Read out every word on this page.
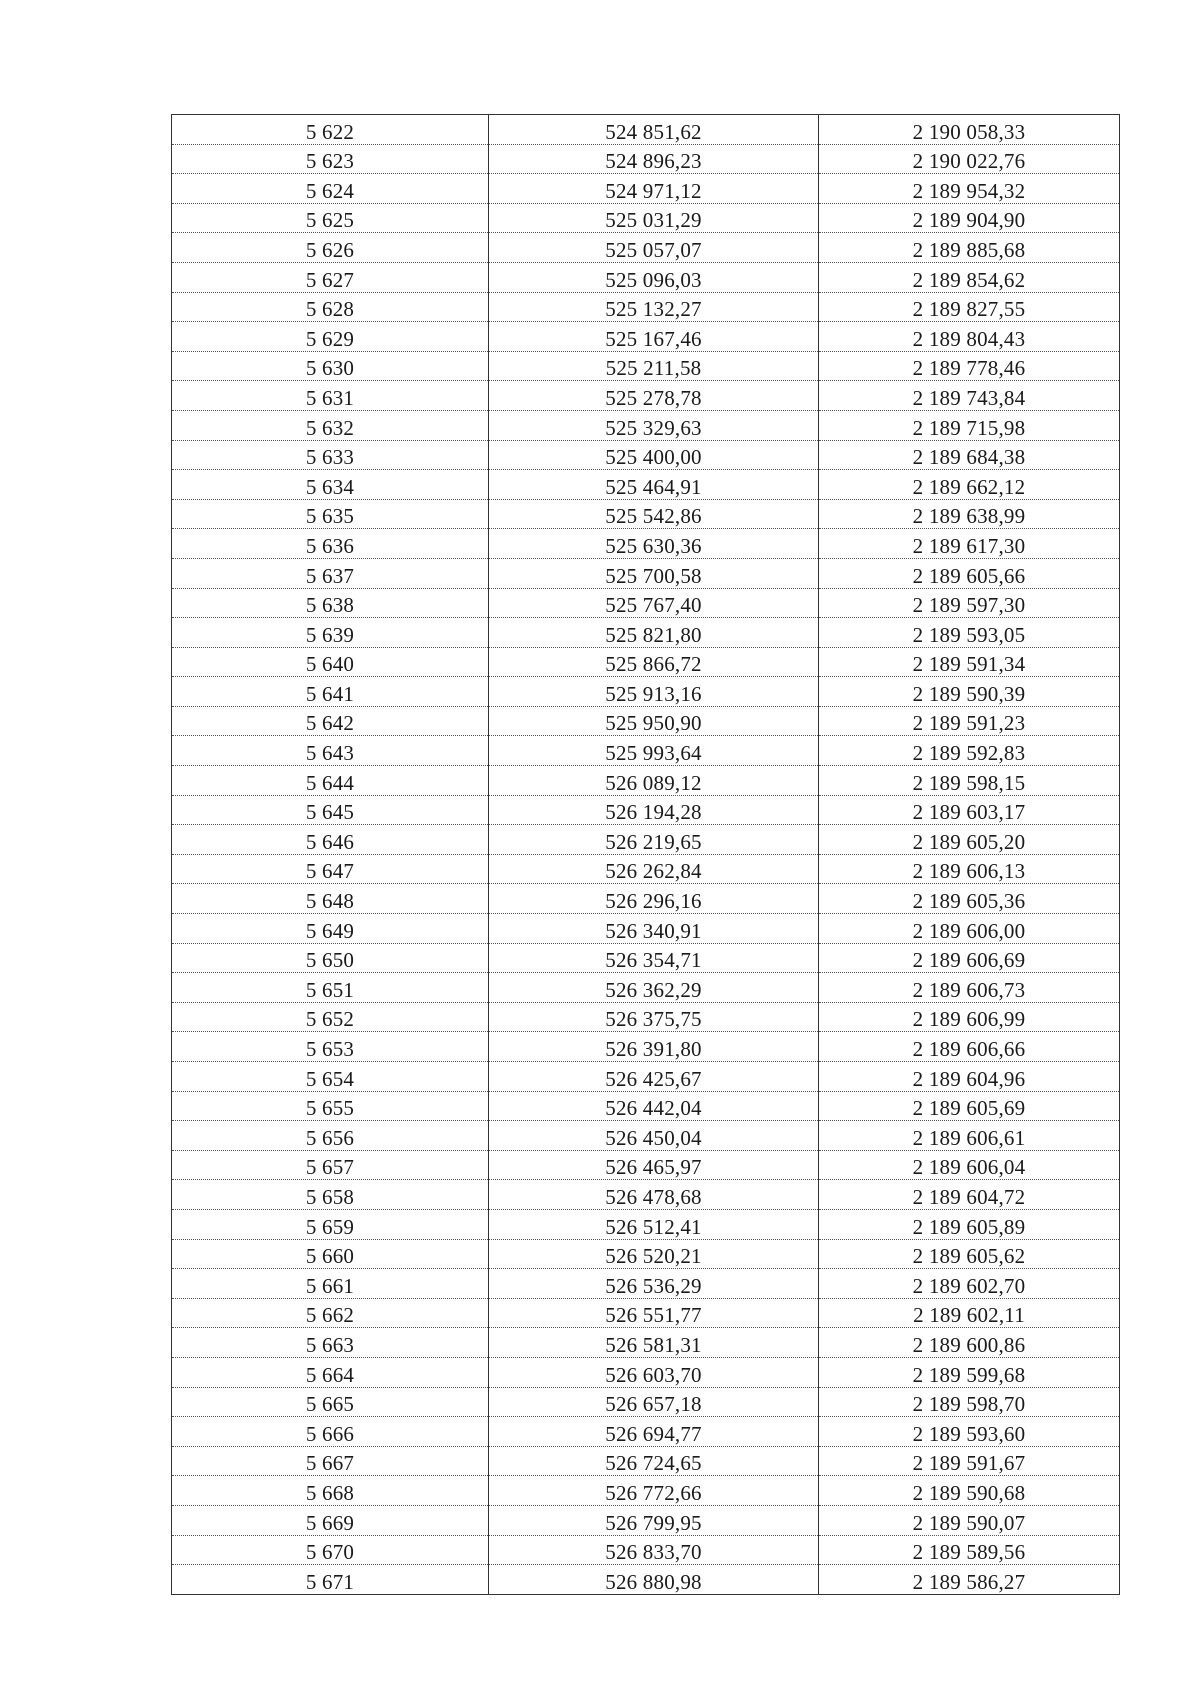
5 622	524 851,62	2 190 058,33
5 623	524 896,23	2 190 022,76
5 624	524 971,12	2 189 954,32
5 625	525 031,29	2 189 904,90
5 626	525 057,07	2 189 885,68
5 627	525 096,03	2 189 854,62
5 628	525 132,27	2 189 827,55
5 629	525 167,46	2 189 804,43
5 630	525 211,58	2 189 778,46
5 631	525 278,78	2 189 743,84
5 632	525 329,63	2 189 715,98
5 633	525 400,00	2 189 684,38
5 634	525 464,91	2 189 662,12
5 635	525 542,86	2 189 638,99
5 636	525 630,36	2 189 617,30
5 637	525 700,58	2 189 605,66
5 638	525 767,40	2 189 597,30
5 639	525 821,80	2 189 593,05
5 640	525 866,72	2 189 591,34
5 641	525 913,16	2 189 590,39
5 642	525 950,90	2 189 591,23
5 643	525 993,64	2 189 592,83
5 644	526 089,12	2 189 598,15
5 645	526 194,28	2 189 603,17
5 646	526 219,65	2 189 605,20
5 647	526 262,84	2 189 606,13
5 648	526 296,16	2 189 605,36
5 649	526 340,91	2 189 606,00
5 650	526 354,71	2 189 606,69
5 651	526 362,29	2 189 606,73
5 652	526 375,75	2 189 606,99
5 653	526 391,80	2 189 606,66
5 654	526 425,67	2 189 604,96
5 655	526 442,04	2 189 605,69
5 656	526 450,04	2 189 606,61
5 657	526 465,97	2 189 606,04
5 658	526 478,68	2 189 604,72
5 659	526 512,41	2 189 605,89
5 660	526 520,21	2 189 605,62
5 661	526 536,29	2 189 602,70
5 662	526 551,77	2 189 602,11
5 663	526 581,31	2 189 600,86
5 664	526 603,70	2 189 599,68
5 665	526 657,18	2 189 598,70
5 666	526 694,77	2 189 593,60
5 667	526 724,65	2 189 591,67
5 668	526 772,66	2 189 590,68
5 669	526 799,95	2 189 590,07
5 670	526 833,70	2 189 589,56
5 671	526 880,98	2 189 586,27
